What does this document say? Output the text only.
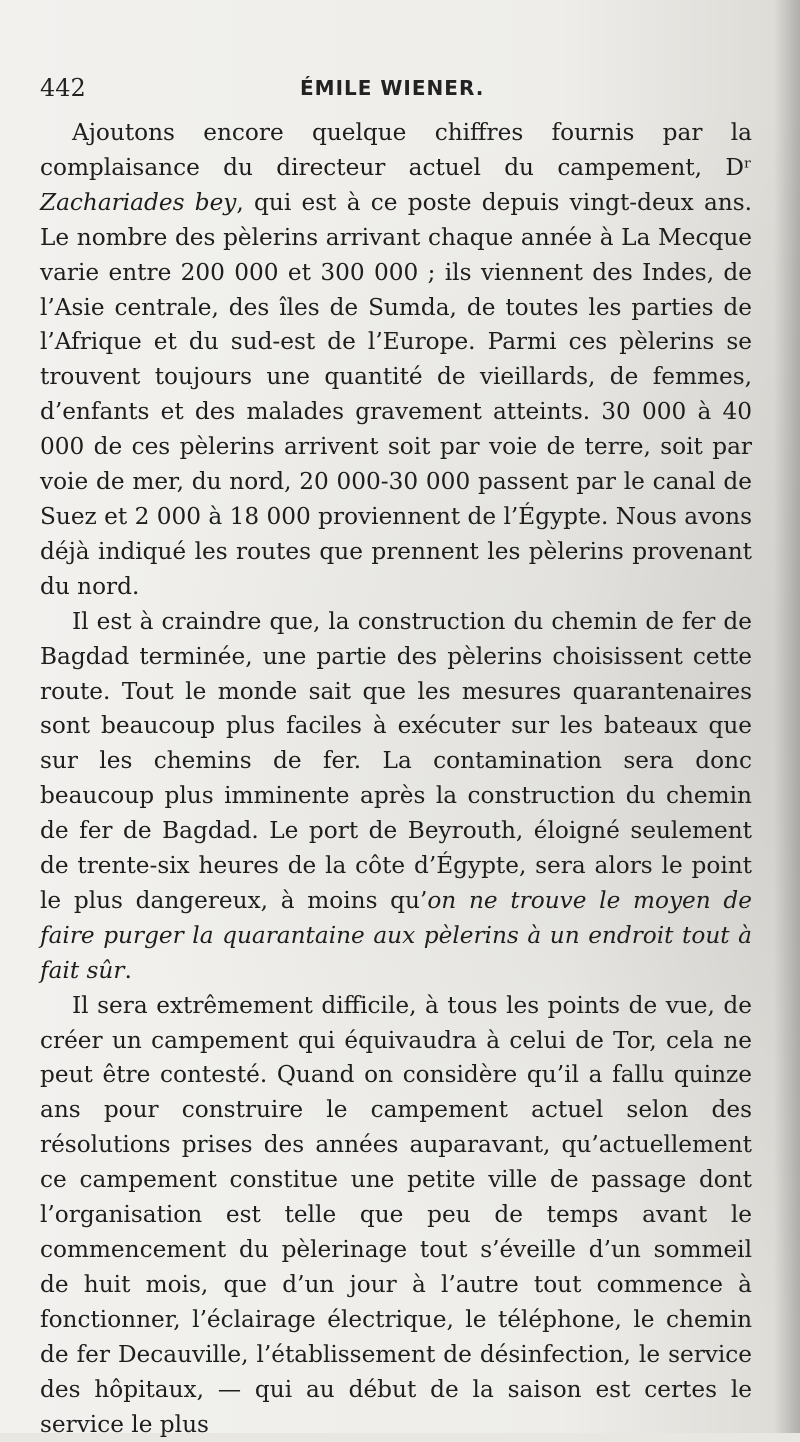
442	ÉMILE WIENER.

Ajoutons encore quelque chiffres fournis par la complaisance du directeur actuel du campement, Dʳ Zachariades bey, qui est à ce poste depuis vingt-deux ans. Le nombre des pèlerins arrivant chaque année à La Mecque varie entre 200 000 et 300 000 ; ils viennent des Indes, de l’Asie centrale, des îles de Sumda, de toutes les parties de l’Afrique et du sud-est de l’Europe. Parmi ces pèlerins se trouvent toujours une quantité de vieillards, de femmes, d’enfants et des malades gravement atteints. 30 000 à 40 000 de ces pèlerins arrivent soit par voie de terre, soit par voie de mer, du nord, 20 000-30 000 passent par le canal de Suez et 2 000 à 18 000 proviennent de l’Égypte. Nous avons déjà indiqué les routes que prennent les pèlerins provenant du nord.

Il est à craindre que, la construction du chemin de fer de Bagdad terminée, une partie des pèlerins choisissent cette route. Tout le monde sait que les mesures quarantenaires sont beaucoup plus faciles à exécuter sur les bateaux que sur les chemins de fer. La contamination sera donc beaucoup plus imminente après la construction du chemin de fer de Bagdad. Le port de Beyrouth, éloigné seulement de trente-six heures de la côte d’Égypte, sera alors le point le plus dangereux, à moins qu’on ne trouve le moyen de faire purger la quarantaine aux pèlerins à un endroit tout à fait sûr.

Il sera extrêmement difficile, à tous les points de vue, de créer un campement qui équivaudra à celui de Tor, cela ne peut être contesté. Quand on considère qu’il a fallu quinze ans pour construire le campement actuel selon des résolutions prises des années auparavant, qu’actuellement ce campement constitue une petite ville de passage dont l’organisation est telle que peu de temps avant le commencement du pèlerinage tout s’éveille d’un sommeil de huit mois, que d’un jour à l’autre tout commence à fonctionner, l’éclairage électrique, le téléphone, le chemin de fer Decauville, l’établissement de désinfection, le service des hôpitaux, — qui au début de la saison est certes le service le plus
